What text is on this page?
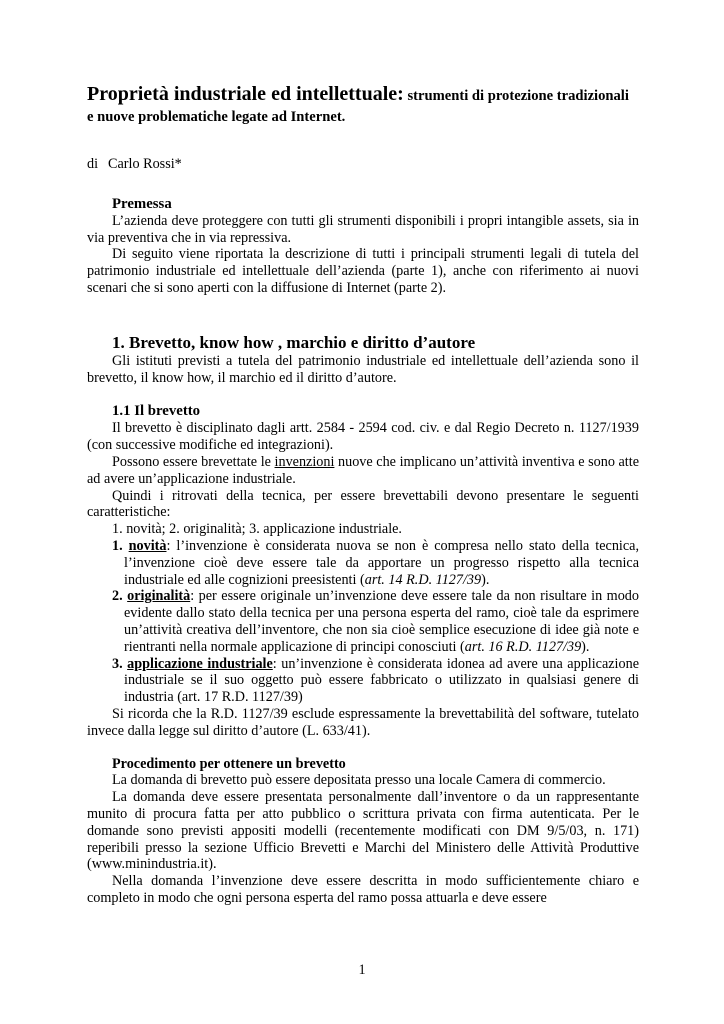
Proprietà industriale ed intellettuale: strumenti di protezione tradizionali e nuove problematiche legate ad Internet.
di Carlo Rossi*
Premessa

L’azienda deve proteggere con tutti gli strumenti disponibili i propri intangible assets, sia in via preventiva che in via repressiva.

Di seguito viene riportata la descrizione di tutti i principali strumenti legali di tutela del patrimonio industriale ed intellettuale dell’azienda (parte 1), anche con riferimento ai nuovi scenari che si sono aperti con la diffusione di Internet (parte 2).

1. Brevetto, know how , marchio e diritto d’autore

Gli istituti previsti a tutela del patrimonio industriale ed intellettuale dell’azienda sono il brevetto, il know how, il marchio ed il diritto d’autore.

1.1 Il brevetto

Il brevetto è disciplinato dagli artt. 2584 - 2594 cod. civ. e dal Regio Decreto n. 1127/1939 (con successive modifiche ed integrazioni).

Possono essere brevettate le invenzioni nuove che implicano un’attività inventiva e sono atte ad avere un’applicazione industriale.

Quindi i ritrovati della tecnica, per essere brevettabili devono presentare le seguenti caratteristiche:

1. novità; 2. originalità; 3. applicazione industriale.

1. novità: l’invenzione è considerata nuova se non è compresa nello stato della tecnica, l’invenzione cioè deve essere tale da apportare un progresso rispetto alla tecnica industriale ed alle cognizioni preesistenti (art. 14 R.D. 1127/39).
2. originalità: per essere originale un’invenzione deve essere tale da non risultare in modo evidente dallo stato della tecnica per una persona esperta del ramo, cioè tale da esprimere un’attività creativa dell’inventore, che non sia cioè semplice esecuzione di idee già note e rientranti nella normale applicazione di principi conosciuti (art. 16 R.D. 1127/39).
3. applicazione industriale: un’invenzione è considerata idonea ad avere una applicazione industriale se il suo oggetto può essere fabbricato o utilizzato in qualsiasi genere di industria (art. 17 R.D. 1127/39)

Si ricorda che la R.D. 1127/39 esclude espressamente la brevettabilità del software, tutelato invece dalla legge sul diritto d’autore (L. 633/41).

Procedimento per ottenere un brevetto

La domanda di brevetto può essere depositata presso una locale Camera di commercio.

La domanda deve essere presentata personalmente dall’inventore o da un rappresentante munito di procura fatta per atto pubblico o scrittura privata con firma autenticata. Per le domande sono previsti appositi modelli (recentemente modificati con DM 9/5/03, n. 171) reperibili presso la sezione Ufficio Brevetti e Marchi del Ministero delle Attività Produttive (www.minindustria.it).

Nella domanda l’invenzione deve essere descritta in modo sufficientemente chiaro e completo in modo che ogni persona esperta del ramo possa attuarla e deve essere

1
